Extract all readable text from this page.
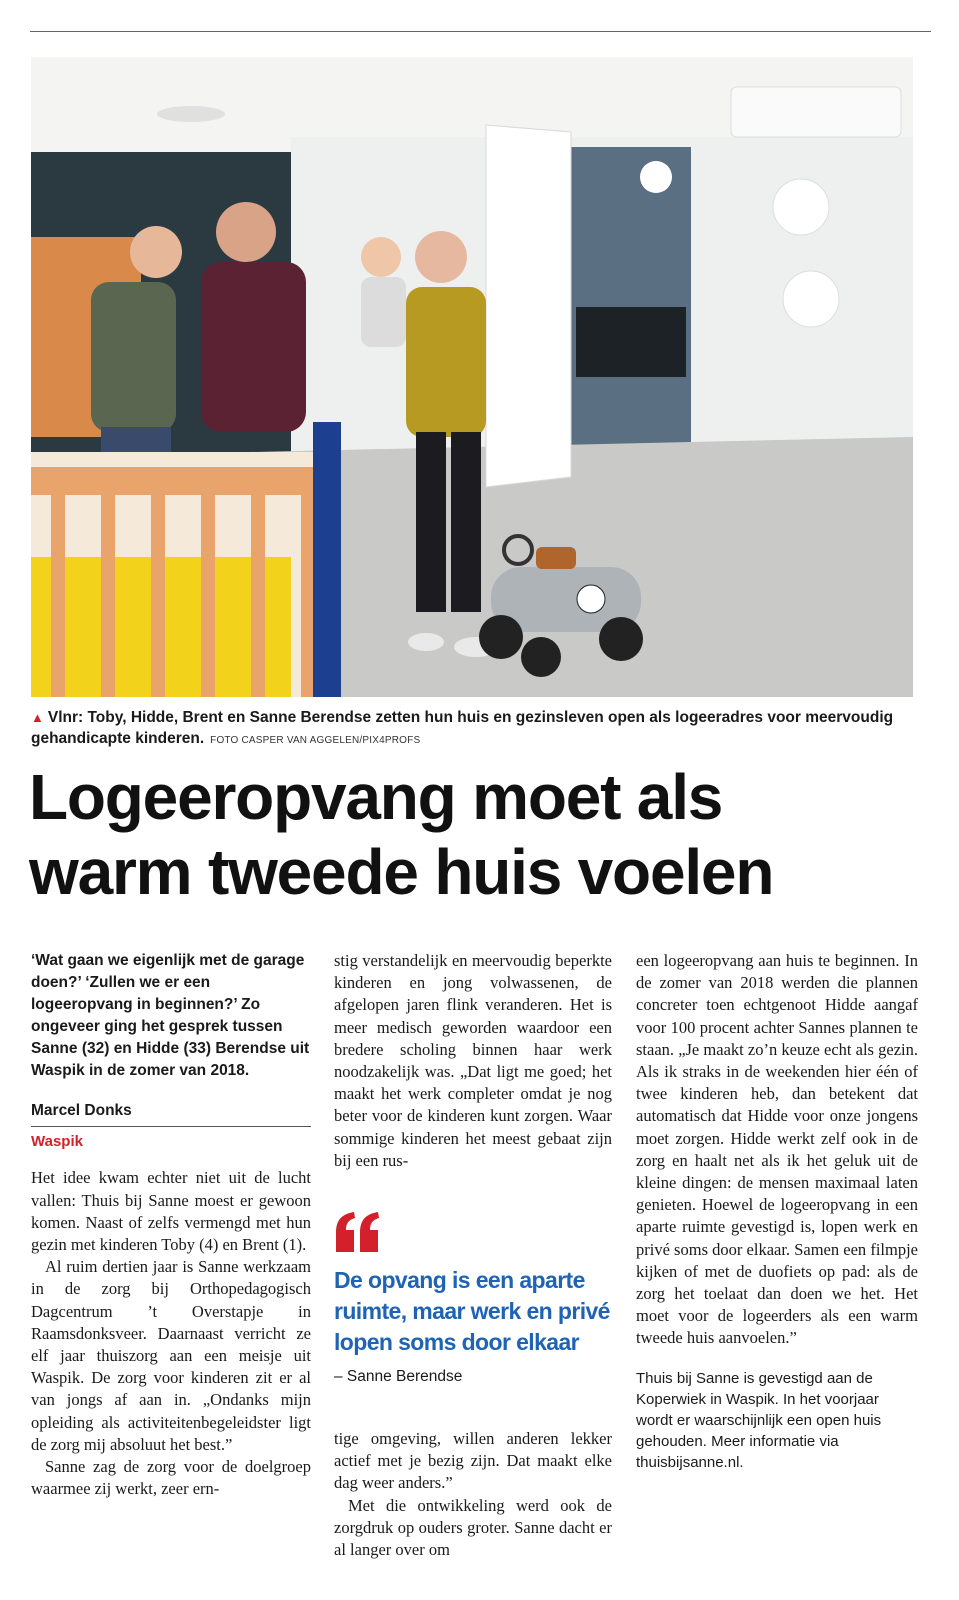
▲ Vlnr: Toby, Hidde, Brent en Sanne Berendse zetten hun huis en gezinsleven open als logeeradres voor meervoudig gehandicapte kinderen. FOTO CASPER VAN AGGELEN/PIX4PROFS
Logeeropvang moet als
warm tweede huis voelen

‘Wat gaan we eigenlijk met de garage doen?’ ‘Zullen we er een logeeropvang in beginnen?’ Zo ongeveer ging het gesprek tussen Sanne (32) en Hidde (33) Berendse uit Waspik in de zomer van 2018.

Marcel Donks
Waspik

Het idee kwam echter niet uit de lucht vallen: Thuis bij Sanne moest er gewoon komen. Naast of zelfs vermengd met hun gezin met kinderen Toby (4) en Brent (1).

Al ruim dertien jaar is Sanne werkzaam in de zorg bij Orthopedagogisch Dagcentrum ’t Overstapje in Raamsdonksveer. Daarnaast verricht ze elf jaar thuiszorg aan een meisje uit Waspik. De zorg voor kinderen zit er al van jongs af aan in. „Ondanks mijn opleiding als activiteitenbegeleidster ligt de zorg mij absoluut het best.”

Sanne zag de zorg voor de doelgroep waarmee zij werkt, zeer ern-

stig verstandelijk en meervoudig beperkte kinderen en jong volwassenen, de afgelopen jaren flink veranderen. Het is meer medisch geworden waardoor een bredere scholing binnen haar werk noodzakelijk was. „Dat ligt me goed; het maakt het werk completer omdat je nog beter voor de kinderen kunt zorgen. Waar sommige kinderen het meest gebaat zijn bij een rus-

De opvang is een aparte ruimte, maar werk en privé lopen soms door elkaar
– Sanne Berendse

tige omgeving, willen anderen lekker actief met je bezig zijn. Dat maakt elke dag weer anders.”

Met die ontwikkeling werd ook de zorgdruk op ouders groter. Sanne dacht er al langer over om

een logeeropvang aan huis te beginnen. In de zomer van 2018 werden die plannen concreter toen echtgenoot Hidde aangaf voor 100 procent achter Sannes plannen te staan. „Je maakt zo’n keuze echt als gezin. Als ik straks in de weekenden hier één of twee kinderen heb, dan betekent dat automatisch dat Hidde voor onze jongens moet zorgen. Hidde werkt zelf ook in de zorg en haalt net als ik het geluk uit de kleine dingen: de mensen maximaal laten genieten. Hoewel de logeeropvang in een aparte ruimte gevestigd is, lopen werk en privé soms door elkaar. Samen een filmpje kijken of met de duofiets op pad: als de zorg het toelaat dan doen we het. Het moet voor de logeerders als een warm tweede huis aanvoelen.”

Thuis bij Sanne is gevestigd aan de Koperwiek in Waspik. In het voorjaar wordt er waarschijnlijk een open huis gehouden. Meer informatie via thuisbijsanne.nl.
